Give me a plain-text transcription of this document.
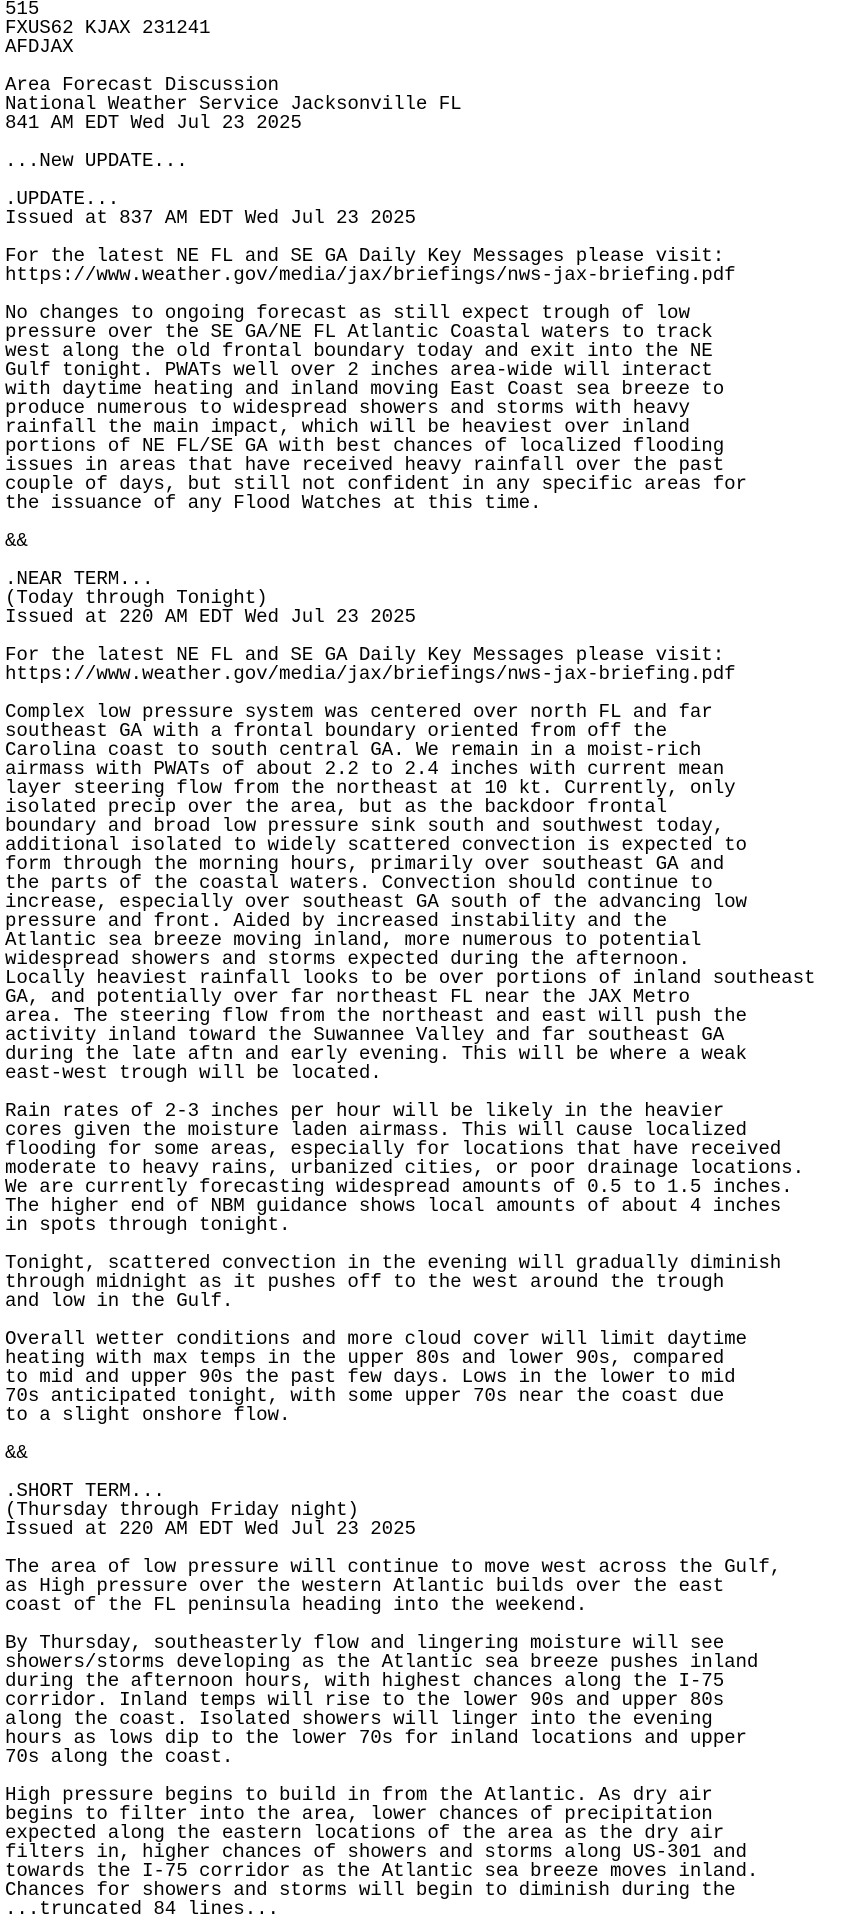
515
FXUS62 KJAX 231241
AFDJAX
Area Forecast Discussion
National Weather Service Jacksonville FL
841 AM EDT Wed Jul 23 2025
...New UPDATE...
.UPDATE...
Issued at 837 AM EDT Wed Jul 23 2025
For the latest NE FL and SE GA Daily Key Messages please visit:
https://www.weather.gov/media/jax/briefings/nws-jax-briefing.pdf
No changes to ongoing forecast as still expect trough of low
pressure over the SE GA/NE FL Atlantic Coastal waters to track
west along the old frontal boundary today and exit into the NE
Gulf tonight. PWATs well over 2 inches area-wide will interact
with daytime heating and inland moving East Coast sea breeze to
produce numerous to widespread showers and storms with heavy
rainfall the main impact, which will be heaviest over inland
portions of NE FL/SE GA with best chances of localized flooding
issues in areas that have received heavy rainfall over the past
couple of days, but still not confident in any specific areas for
the issuance of any Flood Watches at this time.
&&
.NEAR TERM...
(Today through Tonight)
Issued at 220 AM EDT Wed Jul 23 2025
For the latest NE FL and SE GA Daily Key Messages please visit:
https://www.weather.gov/media/jax/briefings/nws-jax-briefing.pdf
Complex low pressure system was centered over north FL and far
southeast GA with a frontal boundary oriented from off the
Carolina coast to south central GA. We remain in a moist-rich
airmass with PWATs of about 2.2 to 2.4 inches with current mean
layer steering flow from the northeast at 10 kt. Currently, only
isolated precip over the area, but as the backdoor frontal
boundary and broad low pressure sink south and southwest today,
additional isolated to widely scattered convection is expected to
form through the morning hours, primarily over southeast GA and
the parts of the coastal waters. Convection should continue to
increase, especially over southeast GA south of the advancing low
pressure and front. Aided by increased instability and the
Atlantic sea breeze moving inland, more numerous to potential
widespread showers and storms expected during the afternoon.
Locally heaviest rainfall looks to be over portions of inland southeast
GA, and potentially over far northeast FL near the JAX Metro
area. The steering flow from the northeast and east will push the
activity inland toward the Suwannee Valley and far southeast GA
during the late aftn and early evening. This will be where a weak
east-west trough will be located.
Rain rates of 2-3 inches per hour will be likely in the heavier
cores given the moisture laden airmass. This will cause localized
flooding for some areas, especially for locations that have received
moderate to heavy rains, urbanized cities, or poor drainage locations.
We are currently forecasting widespread amounts of 0.5 to 1.5 inches.
The higher end of NBM guidance shows local amounts of about 4 inches
in spots through tonight.
Tonight, scattered convection in the evening will gradually diminish
through midnight as it pushes off to the west around the trough
and low in the Gulf.
Overall wetter conditions and more cloud cover will limit daytime
heating with max temps in the upper 80s and lower 90s, compared
to mid and upper 90s the past few days. Lows in the lower to mid
70s anticipated tonight, with some upper 70s near the coast due
to a slight onshore flow.
&&
.SHORT TERM...
(Thursday through Friday night)
Issued at 220 AM EDT Wed Jul 23 2025
The area of low pressure will continue to move west across the Gulf,
as High pressure over the western Atlantic builds over the east
coast of the FL peninsula heading into the weekend.
By Thursday, southeasterly flow and lingering moisture will see
showers/storms developing as the Atlantic sea breeze pushes inland
during the afternoon hours, with highest chances along the I-75
corridor. Inland temps will rise to the lower 90s and upper 80s
along the coast. Isolated showers will linger into the evening
hours as lows dip to the lower 70s for inland locations and upper
70s along the coast.
High pressure begins to build in from the Atlantic. As dry air
begins to filter into the area, lower chances of precipitation
expected along the eastern locations of the area as the dry air
filters in, higher chances of showers and storms along US-301 and
towards the I-75 corridor as the Atlantic sea breeze moves inland.
Chances for showers and storms will begin to diminish during the
...truncated 84 lines...
